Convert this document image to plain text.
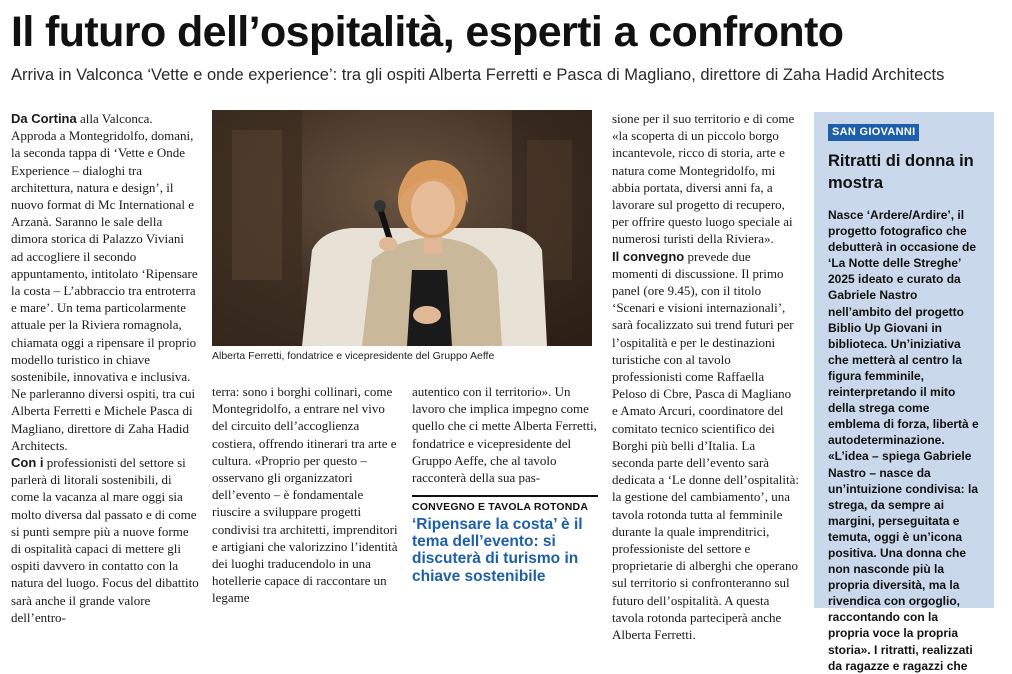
Il futuro dell’ospitalità, esperti a confronto
Arriva in Valconca ‘Vette e onde experience’: tra gli ospiti Alberta Ferretti e Pasca di Magliano, direttore di Zaha Hadid Architects

Da Cortina alla Valconca. Approda a Montegridolfo, domani, la seconda tappa di ‘Vette e Onde Experience – dialoghi tra architettura, natura e design’, il nuovo format di Mc International e Arzanà. Saranno le sale della dimora storica di Palazzo Viviani ad accogliere il secondo appuntamento, intitolato ‘Ripensare la costa – L’abbraccio tra entroterra e mare’. Un tema particolarmente attuale per la Riviera romagnola, chiamata oggi a ripensare il proprio modello turistico in chiave sostenibile, innovativa e inclusiva. Ne parleranno diversi ospiti, tra cui Alberta Ferretti e Michele Pasca di Magliano, direttore di Zaha Hadid Architects.

Con i professionisti del settore si parlerà di litorali sostenibili, di come la vacanza al mare oggi sia molto diversa dal passato e di come si punti sempre più a nuove forme di ospitalità capaci di mettere gli ospiti davvero in contatto con la natura del luogo. Focus del dibattito sarà anche il grande valore dell’entro-

Alberta Ferretti, fondatrice e vicepresidente del Gruppo Aeffe

terra: sono i borghi collinari, come Montegridolfo, a entrare nel vivo del circuito dell’accoglienza costiera, offrendo itinerari tra arte e cultura. «Proprio per questo – osservano gli organizzatori dell’evento – è fondamentale riuscire a sviluppare progetti condivisi tra architetti, imprenditori e artigiani che valorizzino l’identità dei luoghi traducendolo in una hotellerie capace di raccontare un legame

autentico con il territorio». Un lavoro che implica impegno come quello che ci mette Alberta Ferretti, fondatrice e vicepresidente del Gruppo Aeffe, che al tavolo racconterà della sua pas-

CONVEGNO E TAVOLA ROTONDA
‘Ripensare la costa’ è il tema dell’evento: si discuterà di turismo in chiave sostenibile

sione per il suo territorio e di come «la scoperta di un piccolo borgo incantevole, ricco di storia, arte e natura come Montegridolfo, mi abbia portata, diversi anni fa, a lavorare sul progetto di recupero, per offrire questo luogo speciale ai numerosi turisti della Riviera».

Il convegno prevede due momenti di discussione. Il primo panel (ore 9.45), con il titolo ‘Scenari e visioni internazionali’, sarà focalizzato sui trend futuri per l’ospitalità e per le destinazioni turistiche con al tavolo professionisti come Raffaella Peloso di Cbre, Pasca di Magliano e Amato Arcuri, coordinatore del comitato tecnico scientifico dei Borghi più belli d’Italia. La seconda parte dell’evento sarà dedicata a ‘Le donne dell’ospitalità: la gestione del cambiamento’, una tavola rotonda tutta al femminile durante la quale imprenditrici, professioniste del settore e proprietarie di alberghi che operano sul territorio si confronteranno sul futuro dell’ospitalità. A questa tavola rotonda parteciperà anche Alberta Ferretti.

SAN GIOVANNI
Ritratti di donna in mostra

Nasce ‘Ardere/Ardire’, il progetto fotografico che debutterà in occasione de ‘La Notte delle Streghe’ 2025 ideato e curato da Gabriele Nastro nell’ambito del progetto Biblio Up Giovani in biblioteca. Un’iniziativa che metterà al centro la figura femminile, reinterpretando il mito della strega come emblema di forza, libertà e autodeterminazione. «L’idea – spiega Gabriele Nastro – nasce da un’intuizione condivisa: la strega, da sempre ai margini, perseguitata e temuta, oggi è un’icona positiva. Una donna che non nasconde più la propria diversità, ma la rivendica con orgoglio, raccontando con la propria voce la propria storia». I ritratti, realizzati da ragazze e ragazzi che
